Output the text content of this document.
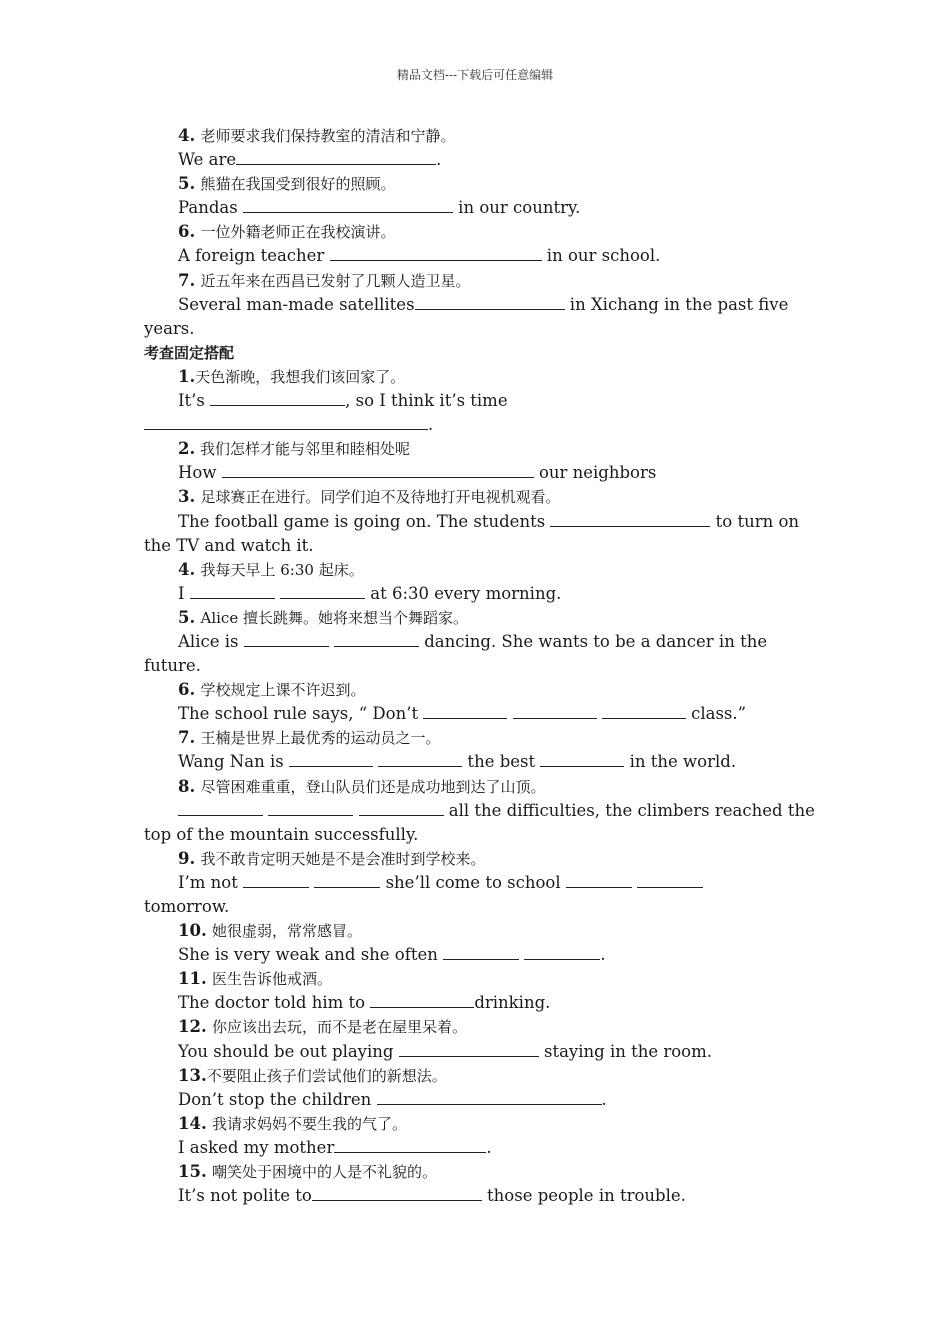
精品文档---下载后可任意编辑
4. 老师要求我们保持教室的清洁和宁静。
We are	.
5. 熊猫在我国受到很好的照顾。
Pandas	in our country.
6. 一位外籍老师正在我校演讲。
A foreign teacher	in our school.
7. 近五年来在西昌已发射了几颗人造卫星。
Several man-made satellites	in Xichang in the past five
years.
考查固定搭配
1.天色渐晚，我想我们该回家了。
It’s	, so I think it’s time
.
2. 我们怎样才能与邻里和睦相处呢
How	our neighbors
3. 足球赛正在进行。同学们迫不及待地打开电视机观看。
The football game is going on. The students	to turn on
the TV and watch it.
4. 我每天早上 6:30 起床。
I	at 6:30 every morning.
5. Alice 擅长跳舞。她将来想当个舞蹈家。
Alice is	dancing. She wants to be a dancer in the
future.
6. 学校规定上课不许迟到。
The school rule says, “ Don’t	class.”
7. 王楠是世界上最优秀的运动员之一。
Wang Nan is	the best	in the world.
8. 尽管困难重重，登山队员们还是成功地到达了山顶。
all the difficulties, the climbers reached the
top of the mountain successfully.
9. 我不敢肯定明天她是不是会准时到学校来。
I’m not	she’ll come to school
tomorrow.
10. 她很虚弱，常常感冒。
She is very weak and she often	.
11. 医生告诉他戒酒。
The doctor told him to	drinking.
12. 你应该出去玩，而不是老在屋里呆着。
You should be out playing	staying in the room.
13.不要阻止孩子们尝试他们的新想法。
Don’t stop the children	.
14. 我请求妈妈不要生我的气了。
I asked my mother	.
15. 嘲笑处于困境中的人是不礼貌的。
It’s not polite to	those people in trouble.
